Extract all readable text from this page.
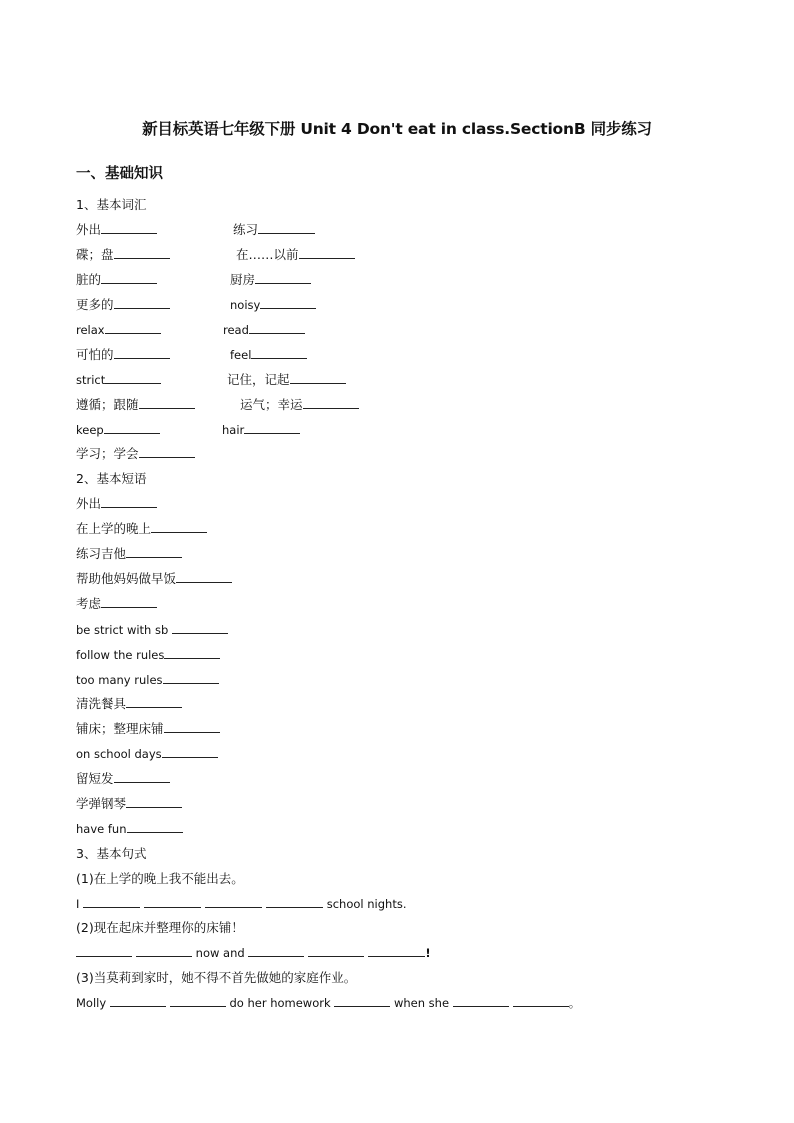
新目标英语七年级下册 Unit 4 Don't eat in class.SectionB 同步练习
一、基础知识
1、基本词汇
外出	练习
碟；盘	在……以前
脏的	厨房
更多的	noisy
relax	read
可怕的	feel
strict	记住，记起
遵循；跟随	运气；幸运
keep	hair
学习；学会
2、基本短语
外出
在上学的晚上
练习吉他
帮助他妈妈做早饭
考虑
be strict with sb
follow the rules
too many rules
清洗餐具
铺床；整理床铺
on school days
留短发
学弹钢琴
have fun
3、基本句式
(1)在上学的晚上我不能出去。
I	school nights.
(2)现在起床并整理你的床铺！
now and	!
(3)当莫莉到家时，她不得不首先做她的家庭作业。
Molly	do her homework	when she	。
